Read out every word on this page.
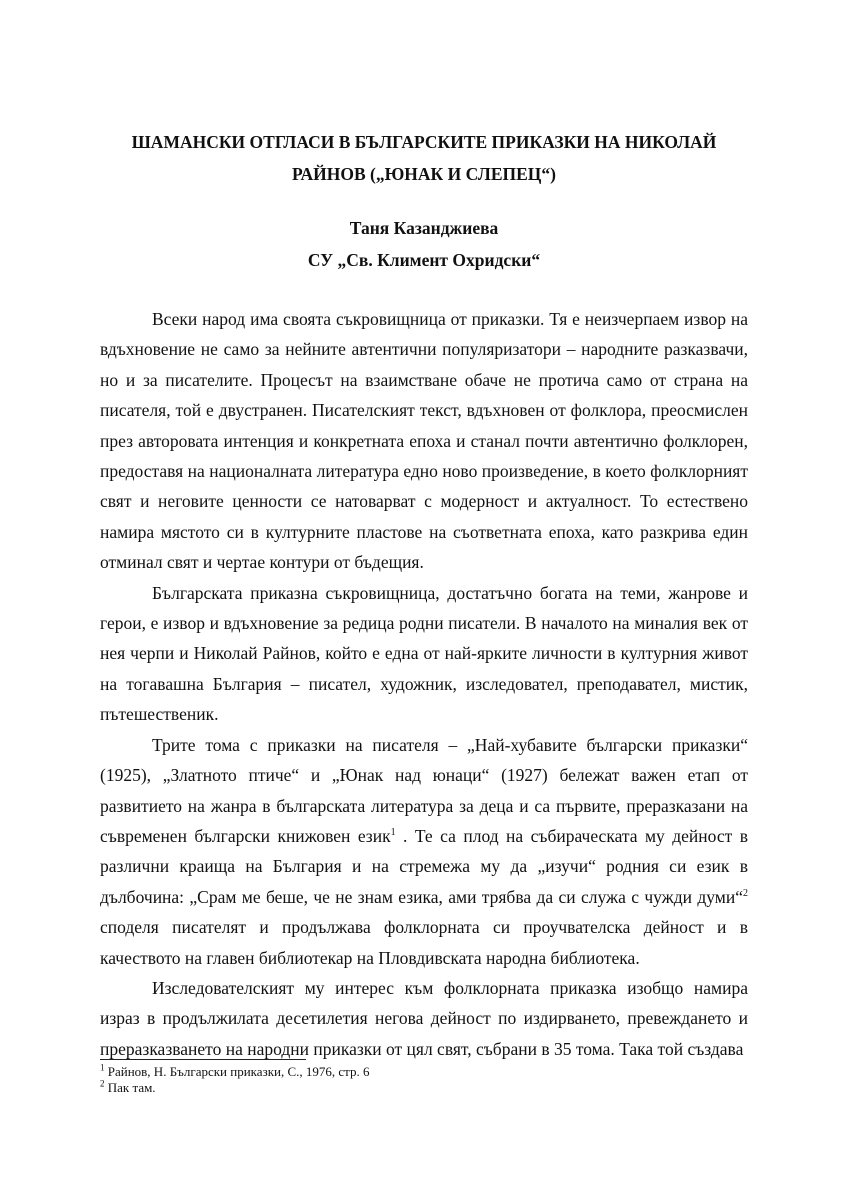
ШАМАНСКИ ОТГЛАСИ В БЪЛГАРСКИТЕ ПРИКАЗКИ НА НИКОЛАЙ
РАЙНОВ („ЮНАК И СЛЕПЕЦ“)
Таня Казанджиева
СУ „Св. Климент Охридски“

Всеки народ има своята съкровищница от приказки. Тя е неизчерпаем извор на вдъхновение не само за нейните автентични популяризатори – народните разказвачи, но и за писателите. Процесът на взаимстване обаче не протича само от страна на писателя, той е двустранен. Писателският текст, вдъхновен от фолклора, преосмислен през авторовата интенция и конкретната епоха и станал почти автентично фолклорен, предоставя на националната литература едно ново произведение, в което фолклорният свят и неговите ценности се натоварват с модерност и актуалност. То естествено намира мястото си в културните пластове на съответната епоха, като разкрива един отминал свят и чертае контури от бъдещия.

Българската приказна съкровищница, достатъчно богата на теми, жанрове и герои, е извор и вдъхновение за редица родни писатели. В началото на миналия век от нея черпи и Николай Райнов, който е една от най-ярките личности в културния живот на тогавашна България – писател, художник, изследовател, преподавател, мистик, пътешественик.

Трите тома с приказки на писателя – „Най-хубавите български приказки“ (1925), „Златното птиче“ и „Юнак над юнаци“ (1927) бележат важен етап от развитието на жанра в българската литература за деца и са първите, преразказани на съвременен български книжовен език$^1$ . Те са плод на събираческата му дейност в различни краища на България и на стремежа му да „изучи“ родния си език в дълбочина: „Срам ме беше, че не знам езика, ами трябва да си служа с чужди думи“$^2$ споделя писателят и продължава фолклорната си проучвателска дейност и в качеството на главен библиотекар на Пловдивската народна библиотека.

Изследователският му интерес към фолклорната приказка изобщо намира израз в продължилата десетилетия негова дейност по издирването, превеждането и преразказването на народни приказки от цял свят, събрани в 35 тома. Така той създава

$^1$ Райнов, Н. Български приказки, С., 1976, стр. 6
$^2$ Пак там.
